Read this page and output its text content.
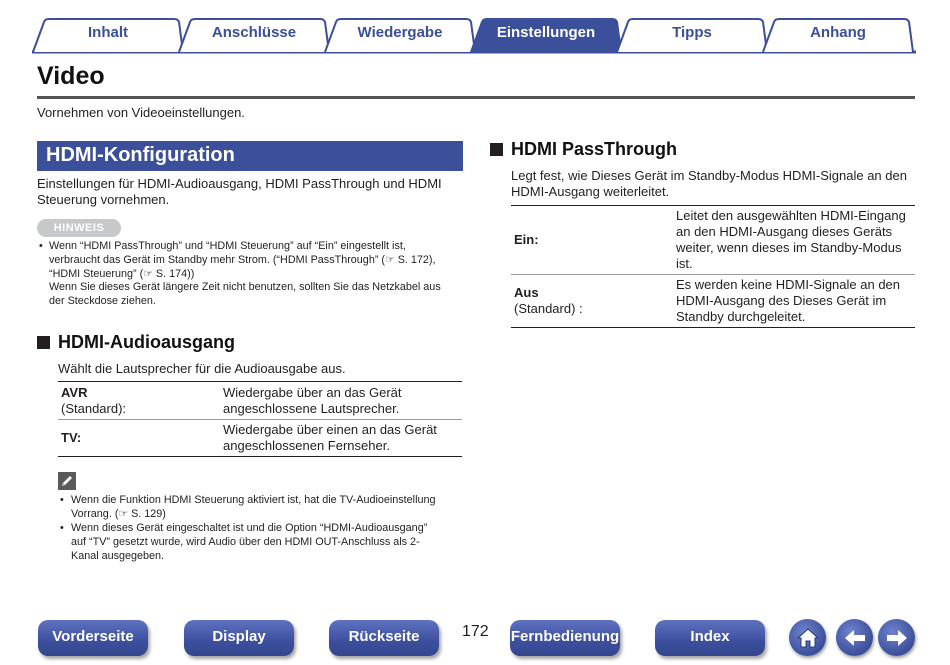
Inhalt	Anschlüsse	Wiedergabe	Einstellungen	Tipps	Anhang
Video
Vornehmen von Videoeinstellungen.
HDMI-Konfiguration
Einstellungen für HDMI-Audioausgang, HDMI PassThrough und HDMI
Steuerung vornehmen.
HINWEIS
• Wenn “HDMI PassThrough” und “HDMI Steuerung” auf “Ein” eingestellt ist,
verbraucht das Gerät im Standby mehr Strom. (“HDMI PassThrough” (☞ S. 172),
“HDMI Steuerung” (☞ S. 174))
Wenn Sie dieses Gerät längere Zeit nicht benutzen, sollten Sie das Netzkabel aus
der Steckdose ziehen.
HDMI-Audioausgang
Wählt die Lautsprecher für die Audioausgabe aus.
AVR
(Standard):	Wiedergabe über an das Gerät
angeschlossene Lautsprecher.
TV:	Wiedergabe über einen an das Gerät
angeschlossenen Fernseher.
• Wenn die Funktion HDMI Steuerung aktiviert ist, hat die TV-Audioeinstellung
Vorrang. (☞ S. 129)
• Wenn dieses Gerät eingeschaltet ist und die Option “HDMI-Audioausgang”
auf “TV” gesetzt wurde, wird Audio über den HDMI OUT-Anschluss als 2-
Kanal ausgegeben.
HDMI PassThrough
Legt fest, wie Dieses Gerät im Standby-Modus HDMI-Signale an den
HDMI-Ausgang weiterleitet.
Ein:	Leitet den ausgewählten HDMI-Eingang
an den HDMI-Ausgang dieses Geräts
weiter, wenn dieses im Standby-Modus
ist.
Aus
(Standard) :	Es werden keine HDMI-Signale an den
HDMI-Ausgang des Dieses Gerät im
Standby durchgeleitet.
Vorderseite	Display	Rückseite	172 Fernbedienung	Index
